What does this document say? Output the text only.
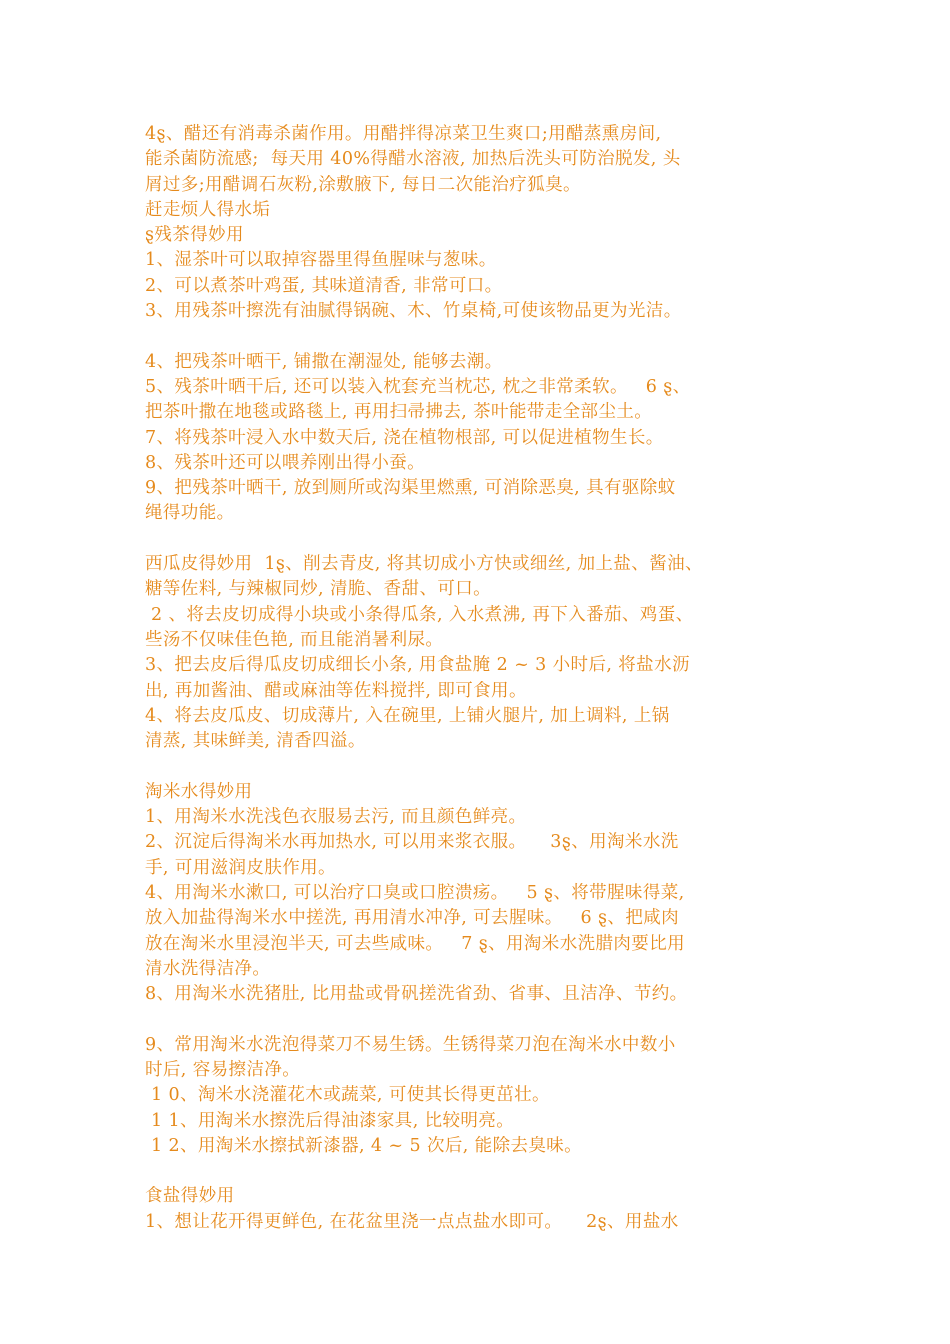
4ȿ、醋还有消毒杀菌作用。用醋拌得凉菜卫生爽口;用醋蒸熏房间,
能杀菌防流感;  每天用 40%得醋水溶液, 加热后洗头可防治脱发, 头
屑过多;用醋调石灰粉,涂敷腋下, 每日二次能治疗狐臭。
赶走烦人得水垢
ȿ残茶得妙用
1、湿茶叶可以取掉容器里得鱼腥味与葱味。
2、可以煮茶叶鸡蛋, 其味道清香, 非常可口。
3、用残茶叶擦洗有油腻得锅碗、木、竹桌椅,可使该物品更为光洁。
4、把残茶叶晒干, 铺撒在潮湿处, 能够去潮。
5、残茶叶晒干后, 还可以装入枕套充当枕芯, 枕之非常柔软。   6 ȿ、
把茶叶撒在地毯或路毯上, 再用扫帚拂去, 茶叶能带走全部尘土。
7、将残茶叶浸入水中数天后, 浇在植物根部, 可以促进植物生长。
8、残茶叶还可以喂养刚出得小蚕。
9、把残茶叶晒干, 放到厕所或沟渠里燃熏, 可消除恶臭, 具有驱除蚊
绳得功能。
西瓜皮得妙用  1ȿ、削去青皮, 将其切成小方快或细丝, 加上盐、酱油、
糖等佐料, 与辣椒同炒, 清脆、香甜、可口。
2 、将去皮切成得小块或小条得瓜条, 入水煮沸, 再下入番茄、鸡蛋、
些汤不仅味佳色艳, 而且能消暑利尿。
3、把去皮后得瓜皮切成细长小条, 用食盐腌 2 ~ 3 小时后, 将盐水沥
出, 再加酱油、醋或麻油等佐料搅拌, 即可食用。
4、将去皮瓜皮、切成薄片, 入在碗里, 上铺火腿片, 加上调料, 上锅
清蒸, 其味鲜美, 清香四溢。
淘米水得妙用
1、用淘米水洗浅色衣服易去污, 而且颜色鲜亮。
2、沉淀后得淘米水再加热水, 可以用来浆衣服。    3ȿ、用淘米水洗
手, 可用滋润皮肤作用。
4、用淘米水漱口, 可以治疗口臭或口腔溃疡。   5 ȿ、将带腥味得菜,
放入加盐得淘米水中搓洗, 再用清水冲净, 可去腥味。   6 ȿ、把咸肉
放在淘米水里浸泡半天, 可去些咸味。   7 ȿ、用淘米水洗腊肉要比用
清水洗得洁净。
8、用淘米水洗猪肚, 比用盐或骨矾搓洗省劲、省事、且洁净、节约。
9、常用淘米水洗泡得菜刀不易生锈。生锈得菜刀泡在淘米水中数小
时后, 容易擦洁净。
1 0、淘米水浇灌花木或蔬菜, 可使其长得更茁壮。
1 1、用淘米水擦洗后得油漆家具, 比较明亮。
1 2、用淘米水擦拭新漆器, 4 ~ 5 次后, 能除去臭味。
食盐得妙用
1、想让花开得更鲜色, 在花盆里浇一点点盐水即可。    2ȿ、用盐水
